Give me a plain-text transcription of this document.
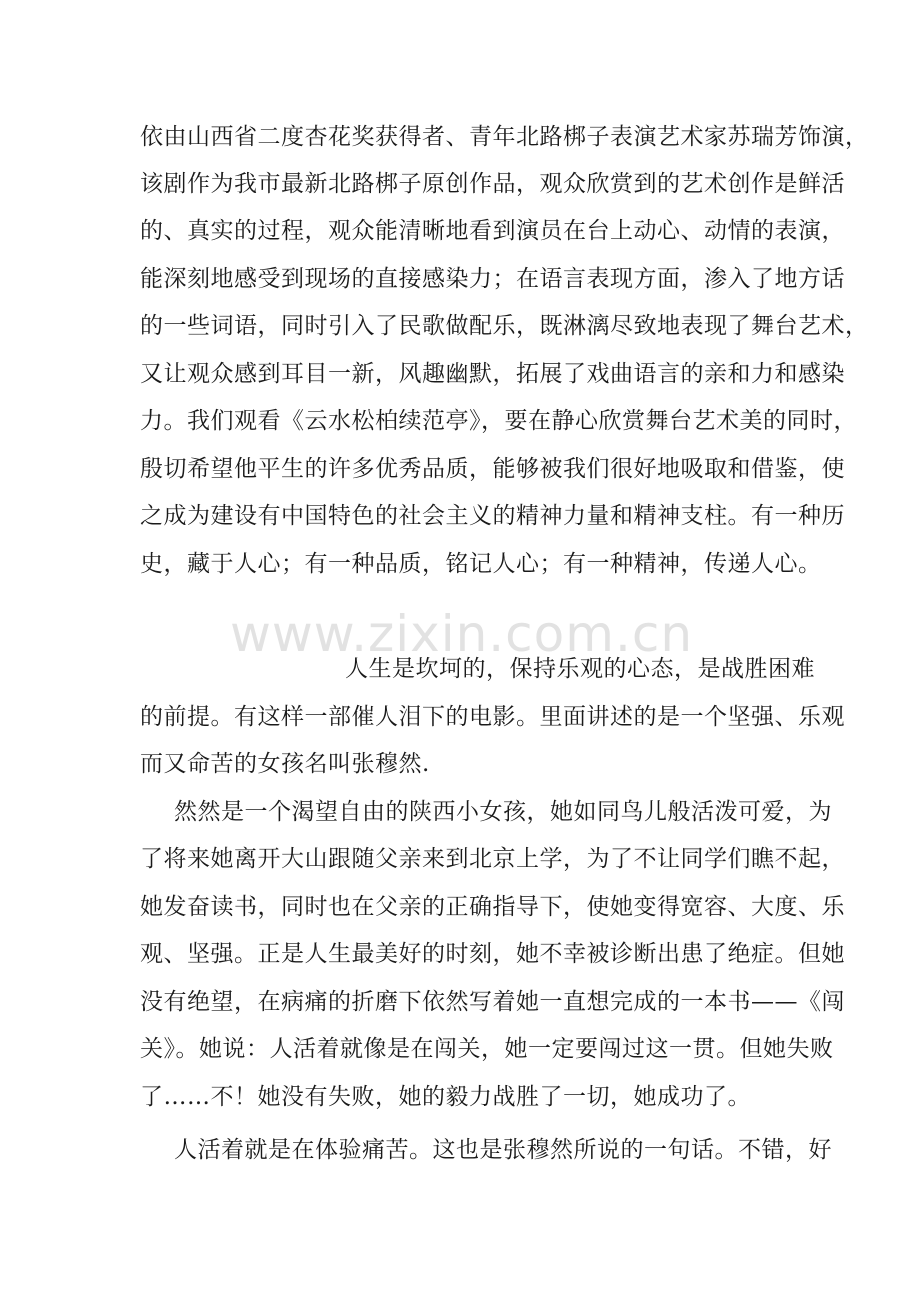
依由山西省二度杏花奖获得者、青年北路梆子表演艺术家苏瑞芳饰演，
该剧作为我市最新北路梆子原创作品，观众欣赏到的艺术创作是鲜活
的、真实的过程，观众能清晰地看到演员在台上动心、动情的表演，
能深刻地感受到现场的直接感染力；在语言表现方面，渗入了地方话
的一些词语，同时引入了民歌做配乐，既淋漓尽致地表现了舞台艺术，
又让观众感到耳目一新，风趣幽默，拓展了戏曲语言的亲和力和感染
力。我们观看《云水松柏续范亭》，要在静心欣赏舞台艺术美的同时，
殷切希望他平生的许多优秀品质，能够被我们很好地吸取和借鉴，使
之成为建设有中国特色的社会主义的精神力量和精神支柱。有一种历
史，藏于人心；有一种品质，铭记人心；有一种精神，传递人心。
www.zixin.com.cn
人生是坎坷的，保持乐观的心态，是战胜困难
的前提。有这样一部催人泪下的电影。里面讲述的是一个坚强、乐观
而又命苦的女孩名叫张穆然.
然然是一个渴望自由的陕西小女孩，她如同鸟儿般活泼可爱，为
了将来她离开大山跟随父亲来到北京上学，为了不让同学们瞧不起，
她发奋读书，同时也在父亲的正确指导下，使她变得宽容、大度、乐
观、坚强。正是人生最美好的时刻，她不幸被诊断出患了绝症。但她
没有绝望，在病痛的折磨下依然写着她一直想完成的一本书——《闯
关》。她说：人活着就像是在闯关，她一定要闯过这一贯。但她失败
了……不！她没有失败，她的毅力战胜了一切，她成功了。
人活着就是在体验痛苦。这也是张穆然所说的一句话。不错，好
